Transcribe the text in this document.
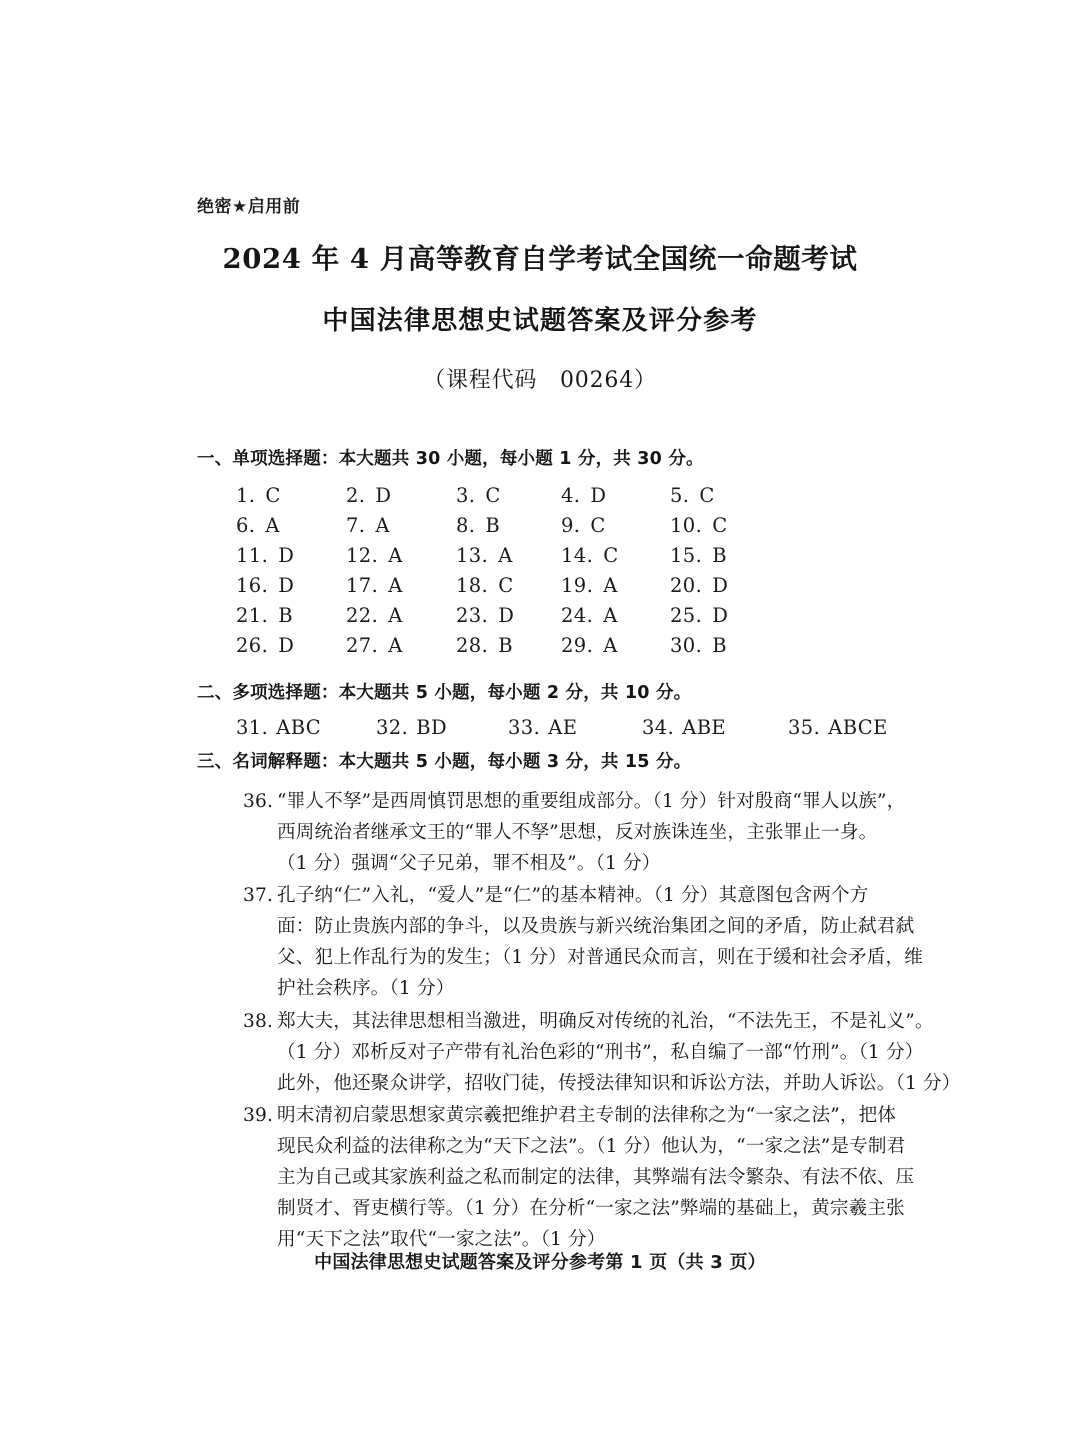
绝密★启用前
2024 年 4 月高等教育自学考试全国统一命题考试
中国法律思想史试题答案及评分参考
（课程代码　00264）
一、单项选择题：本大题共 30 小题，每小题 1 分，共 30 分。
1. C	2. D	3. C	4. D	5. C
6. A	7. A	8. B	9. C	10. C
11. D	12. A	13. A 14. C	15. B
16. D	17. A	18. C 19. A	20. D
21. B	22. A	23. D 24. A	25. D
26. D	27. A	28. B 29. A	30. B
二、多项选择题：本大题共 5 小题，每小题 2 分，共 10 分。
31. ABC	32. BD	33. AE	34. ABE	35. ABCE
三、名词解释题：本大题共 5 小题，每小题 3 分，共 15 分。
36. “罪人不孥”是西周慎罚思想的重要组成部分。（1 分）针对殷商“罪人以族”，
西周统治者继承文王的“罪人不孥”思想，反对族诛连坐，主张罪止一身。
（1 分）强调“父子兄弟，罪不相及”。（1 分）
37. 孔子纳“仁”入礼，“爱人”是“仁”的基本精神。（1 分）其意图包含两个方
面：防止贵族内部的争斗，以及贵族与新兴统治集团之间的矛盾，防止弑君弑
父、犯上作乱行为的发生；（1 分）对普通民众而言，则在于缓和社会矛盾，维
护社会秩序。（1 分）
38. 郑大夫，其法律思想相当激进，明确反对传统的礼治，“不法先王，不是礼义”。
（1 分）邓析反对子产带有礼治色彩的“刑书”，私自编了一部“竹刑”。（1 分）
此外，他还聚众讲学，招收门徒，传授法律知识和诉讼方法，并助人诉讼。（1 分）
39. 明末清初启蒙思想家黄宗羲把维护君主专制的法律称之为“一家之法”，把体
现民众利益的法律称之为“天下之法”。（1 分）他认为，“一家之法”是专制君
主为自己或其家族利益之私而制定的法律，其弊端有法令繁杂、有法不依、压
制贤才、胥吏横行等。（1 分）在分析“一家之法”弊端的基础上，黄宗羲主张
用“天下之法”取代“一家之法”。（1 分）
中国法律思想史试题答案及评分参考第 1 页（共 3 页）
